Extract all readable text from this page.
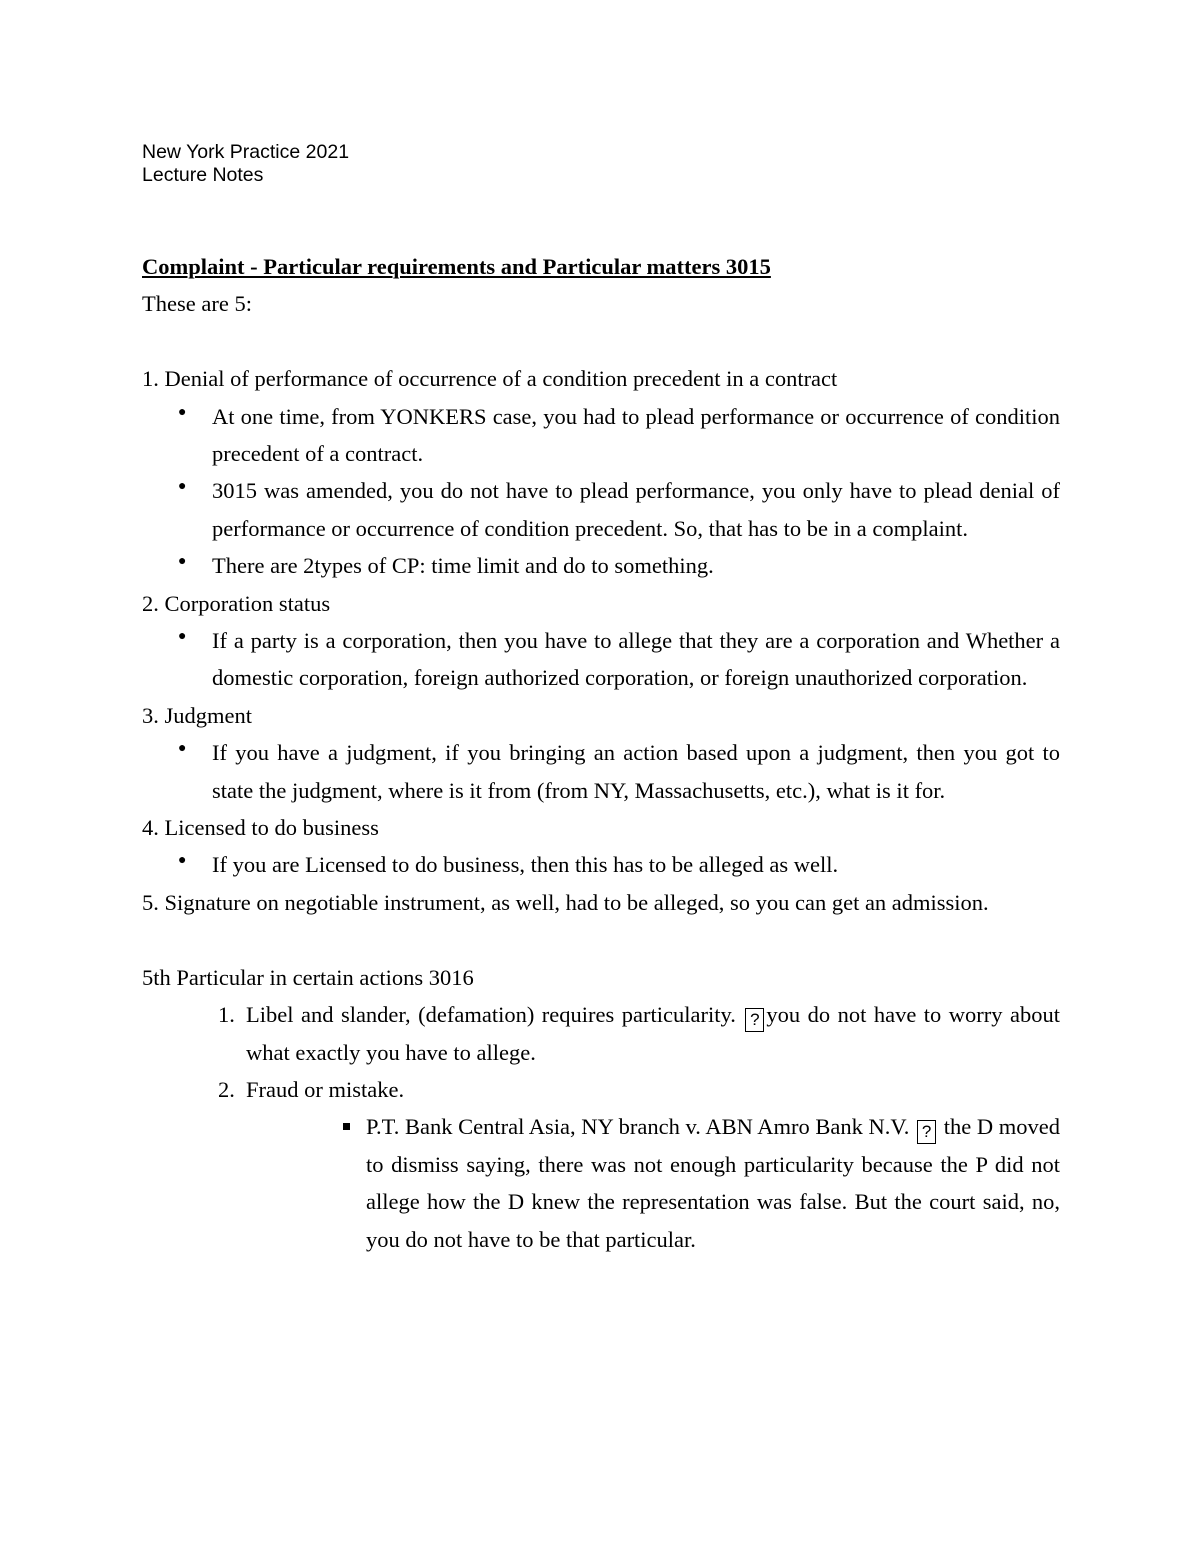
New York Practice 2021
Lecture Notes

Complaint - Particular requirements and Particular matters 3015

These are 5:

1. Denial of performance of occurrence of a condition precedent in a contract

● At one time, from YONKERS case, you had to plead performance or occurrence of condition precedent of a contract.
● 3015 was amended, you do not have to plead performance, you only have to plead denial of performance or occurrence of condition precedent. So, that has to be in a complaint.
● There are 2types of CP: time limit and do to something.

2. Corporation status

● If a party is a corporation, then you have to allege that they are a corporation and Whether a domestic corporation, foreign authorized corporation, or foreign unauthorized corporation.

3. Judgment

● If you have a judgment, if you bringing an action based upon a judgment, then you got to state the judgment, where is it from (from NY, Massachusetts, etc.), what is it for.

4. Licensed to do business

● If you are Licensed to do business, then this has to be alleged as well.

5. Signature on negotiable instrument, as well, had to be alleged, so you can get an admission.

5th Particular in certain actions 3016

1. Libel and slander, (defamation) requires particularity. ? you do not have to worry about what exactly you have to allege.
2. Fraud or mistake.
P.T. Bank Central Asia, NY branch v. ABN Amro Bank N.V. ? the D moved to dismiss saying, there was not enough particularity because the P did not allege how the D knew the representation was false. But the court said, no, you do not have to be that particular.
